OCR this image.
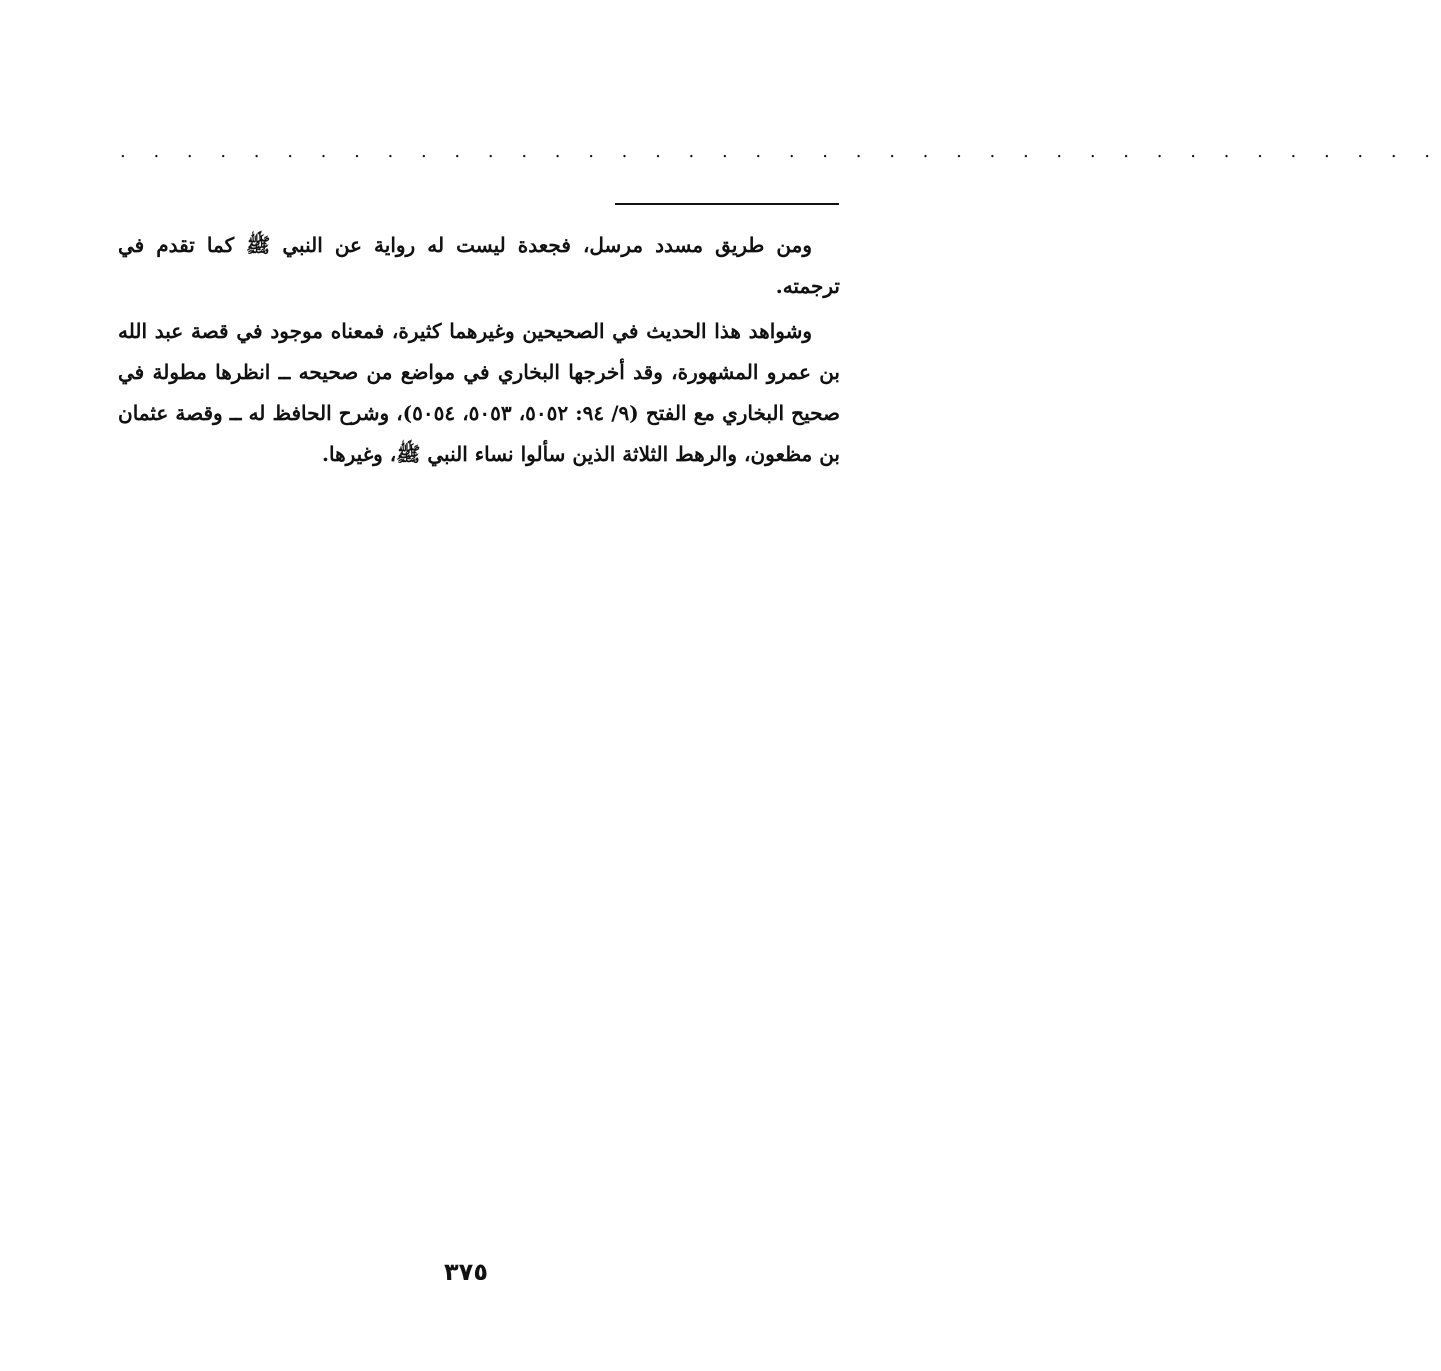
. . . . . . . . . . . . . . . . . . . . . . . . . . . . . . . . . . . . . . . .

ومن طريق مسدد مرسل، فجعدة ليست له رواية عن النبي ﷺ كما تقدم في ترجمته.

وشواهد هذا الحديث في الصحيحين وغيرهما كثيرة، فمعناه موجود في قصة عبد الله بن عمرو المشهورة، وقد أخرجها البخاري في مواضع من صحيحه ــ انظرها مطولة في صحيح البخاري مع الفتح (٩/ ٩٤: ٥٠٥٢، ٥٠٥٣، ٥٠٥٤)، وشرح الحافظ له ــ وقصة عثمان بن مظعون، والرهط الثلاثة الذين سألوا نساء النبي ﷺ، وغيرها.

٣٧٥
